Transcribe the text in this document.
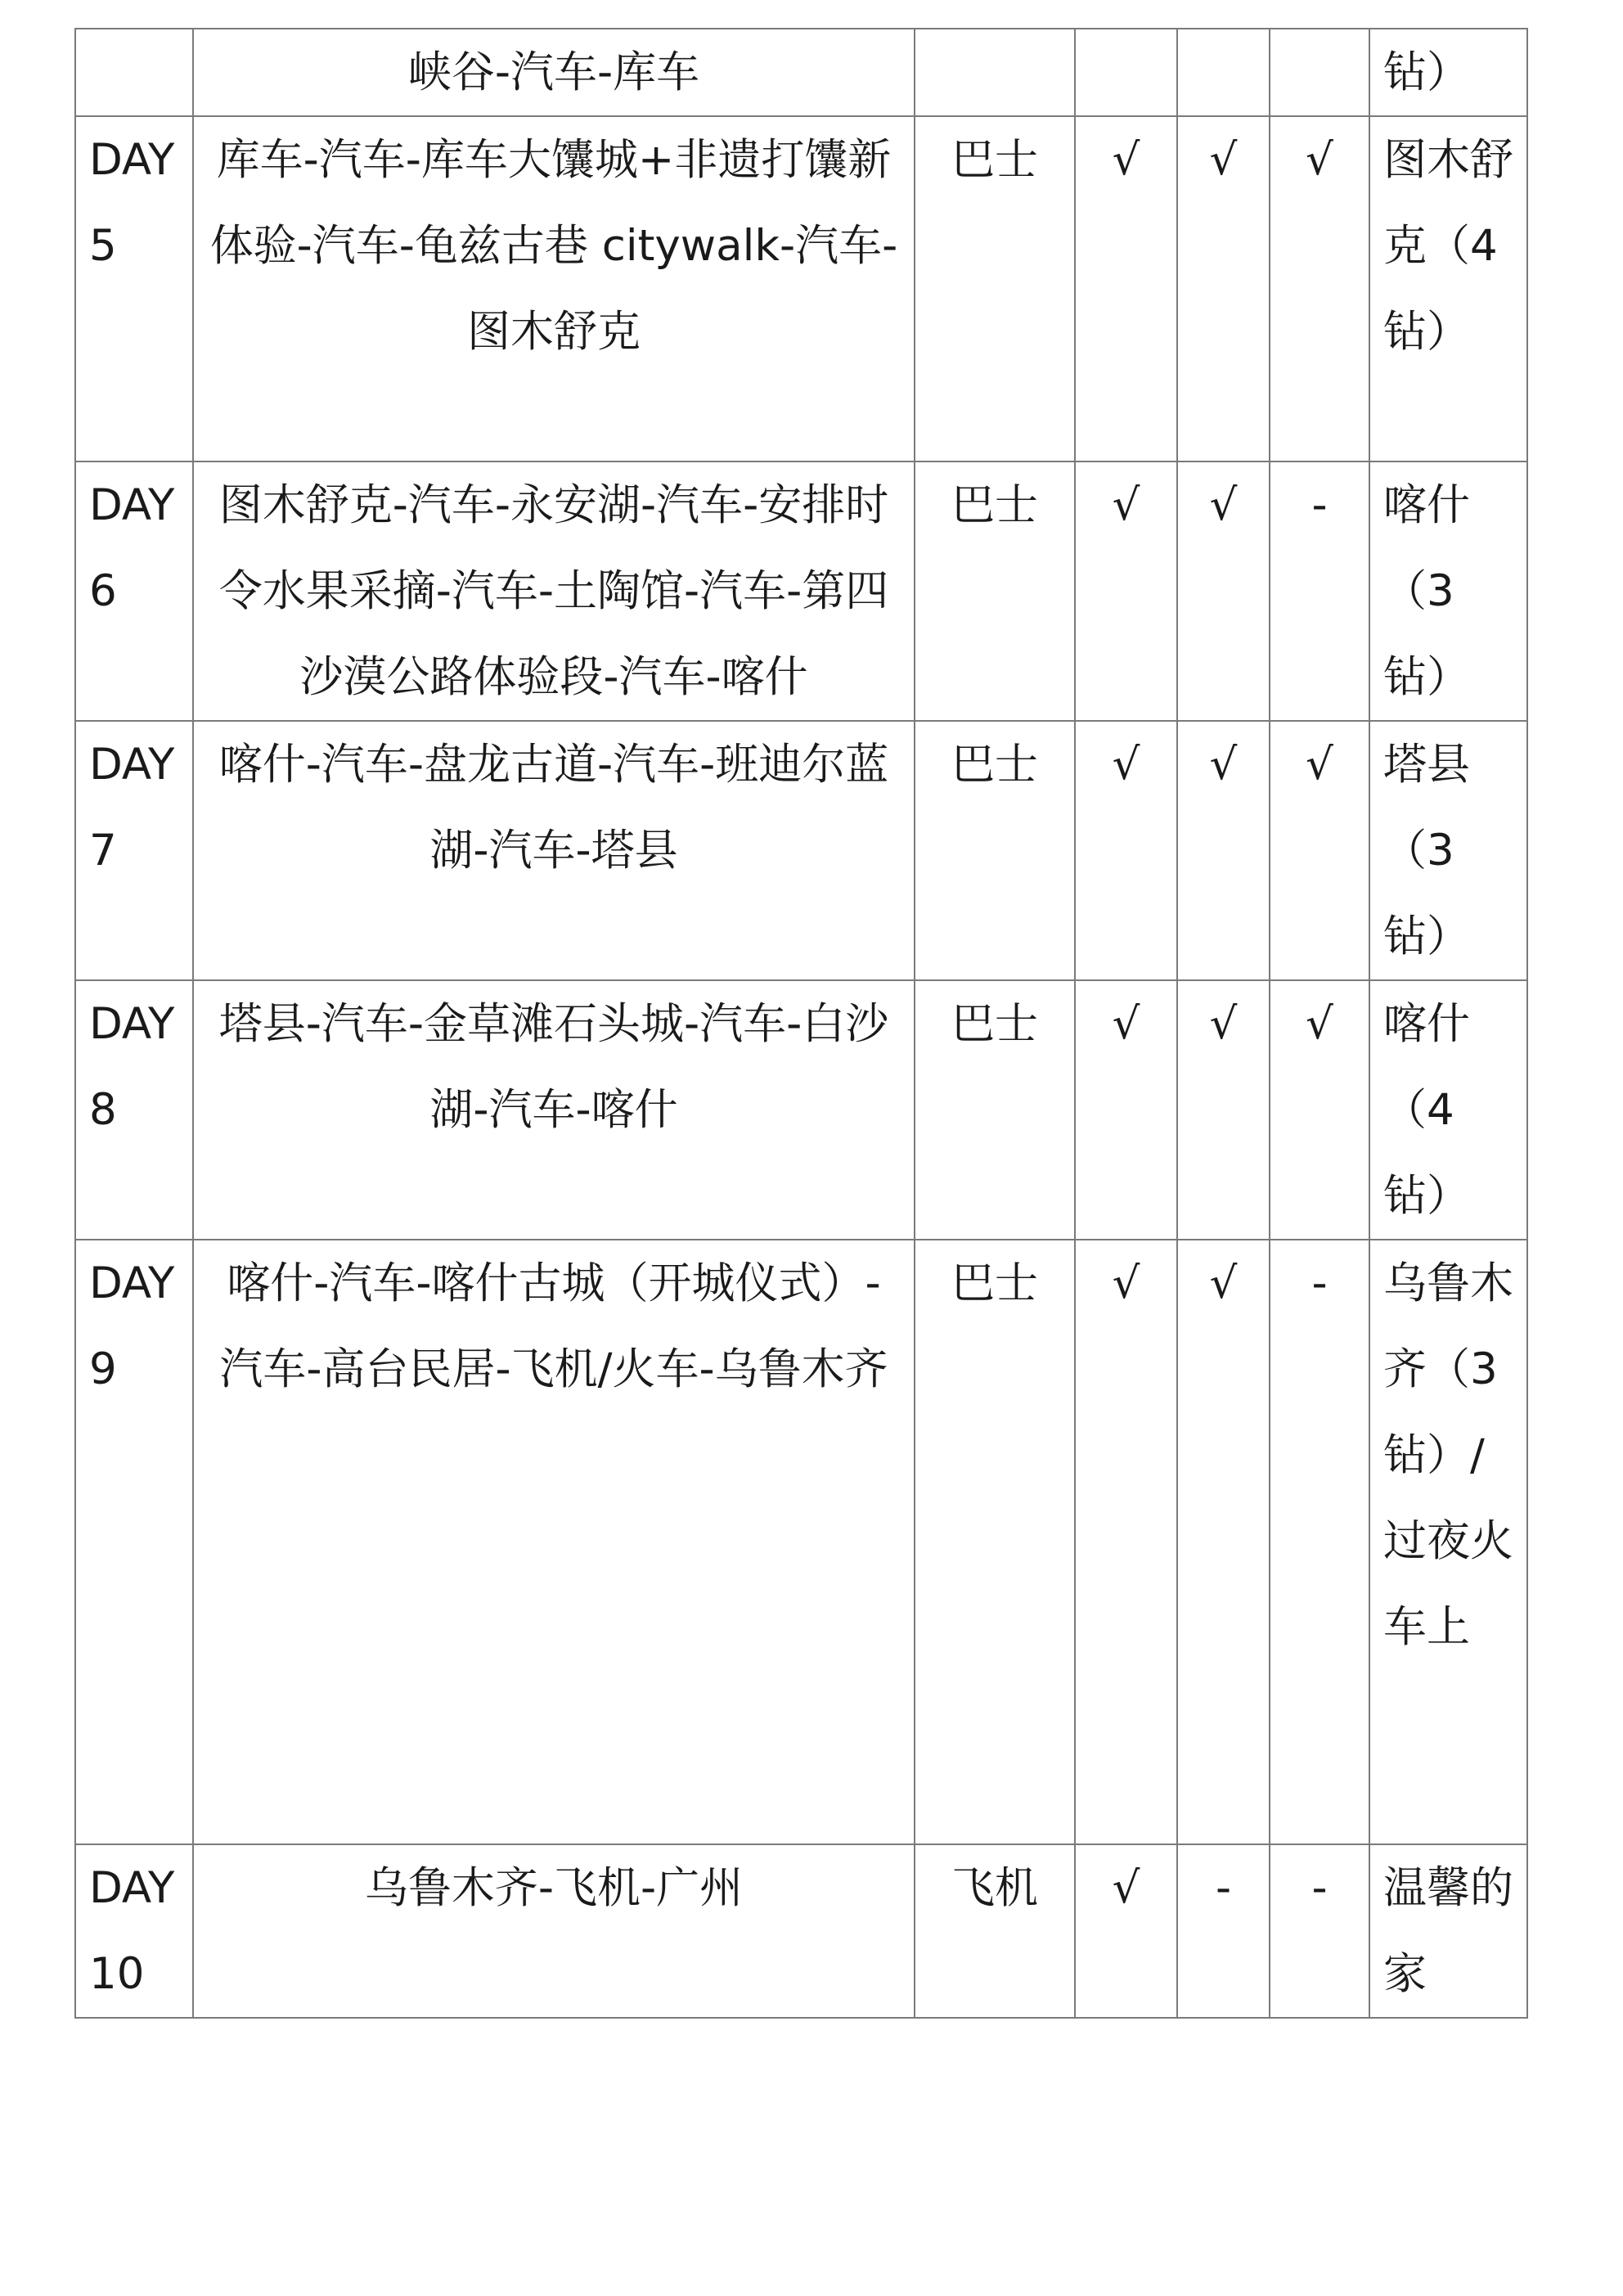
	峡谷-汽车-库车					钻）

DAY5	库车-汽车-库车大馕城+非遗打馕新体验-汽车-龟兹古巷 citywalk-汽车-图木舒克	巴士	√	√	√	图木舒克（4钻）

DAY6	图木舒克-汽车-永安湖-汽车-安排时令水果采摘-汽车-土陶馆-汽车-第四沙漠公路体验段-汽车-喀什	巴士	√	√	-	喀什（3钻）

DAY7	喀什-汽车-盘龙古道-汽车-班迪尔蓝湖-汽车-塔县	巴士	√	√	√	塔县（3钻）

DAY8	塔县-汽车-金草滩石头城-汽车-白沙湖-汽车-喀什	巴士	√	√	√	喀什（4钻）

DAY9	喀什-汽车-喀什古城（开城仪式）-汽车-高台民居-飞机/火车-乌鲁木齐	巴士	√	√	-	乌鲁木齐（3钻）/过夜火车上

DAY10	乌鲁木齐-飞机-广州	飞机	√	-	-	温馨的家
